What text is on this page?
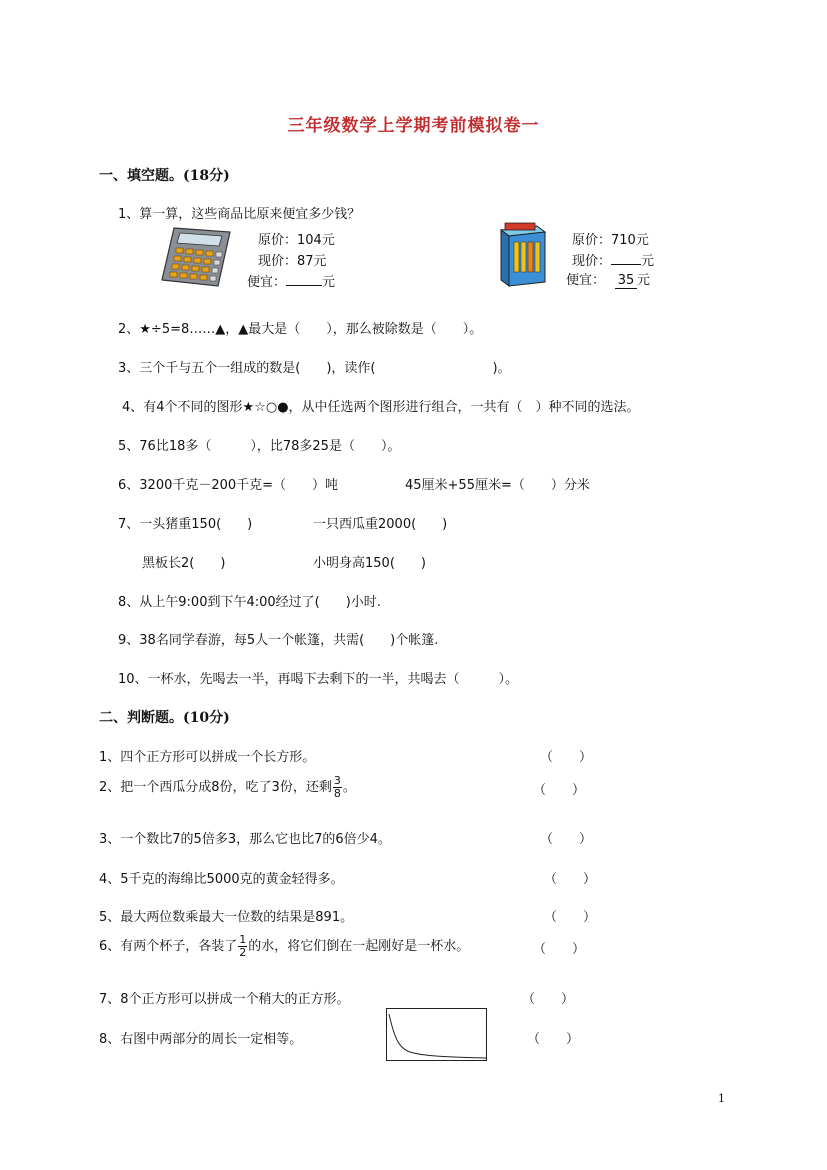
三年级数学上学期考前模拟卷一
一、填空题。(18分)
1、算一算，这些商品比原来便宜多少钱？
原价：104元
现价：87元
便宜：	元
原价：710元
现价： 元
便宜： 35 元
2、★÷5=8……▲，▲最大是（　　），那么被除数是（　　）。
3、三个千与五个一组成的数是(　　)，读作(　　　　　　　　　)。
4、有4个不同的图形★☆○●，从中任选两个图形进行组合，一共有（　）种不同的选法。
5、76比18多（　　　），比78多25是（　　）。
6、3200千克－200千克=（　　）吨	45厘米+55厘米=（　　）分米
7、一头猪重150(　　)	一只西瓜重2000(　　)
黑板长2(　　)	小明身高150(　　)
8、从上午9:00到下午4:00经过了(　　)小时.
9、38名同学春游，每5人一个帐篷，共需(　　)个帐篷.
10、一杯水，先喝去一半，再喝下去剩下的一半，共喝去（　　　）。
二、判断题。(10分)
1、四个正方形可以拼成一个长方形。	（　　）
2、把一个西瓜分成8份，吃了3份，还剩 $\frac{3}{8}$ 。	（　　）
3、一个数比7的5倍多3，那么它也比7的6倍少4。	（　　）
4、5千克的海绵比5000克的黄金轻得多。	（　　）
5、最大两位数乘最大一位数的结果是891。	（　　）
6、有两个杯子，各装了 $\frac{1}{2}$ 的水，将它们倒在一起刚好是一杯水。	（　　）
7、8个正方形可以拼成一个稍大的正方形。	（　　）
8、右图中两部分的周长一定相等。	（　　）
1
